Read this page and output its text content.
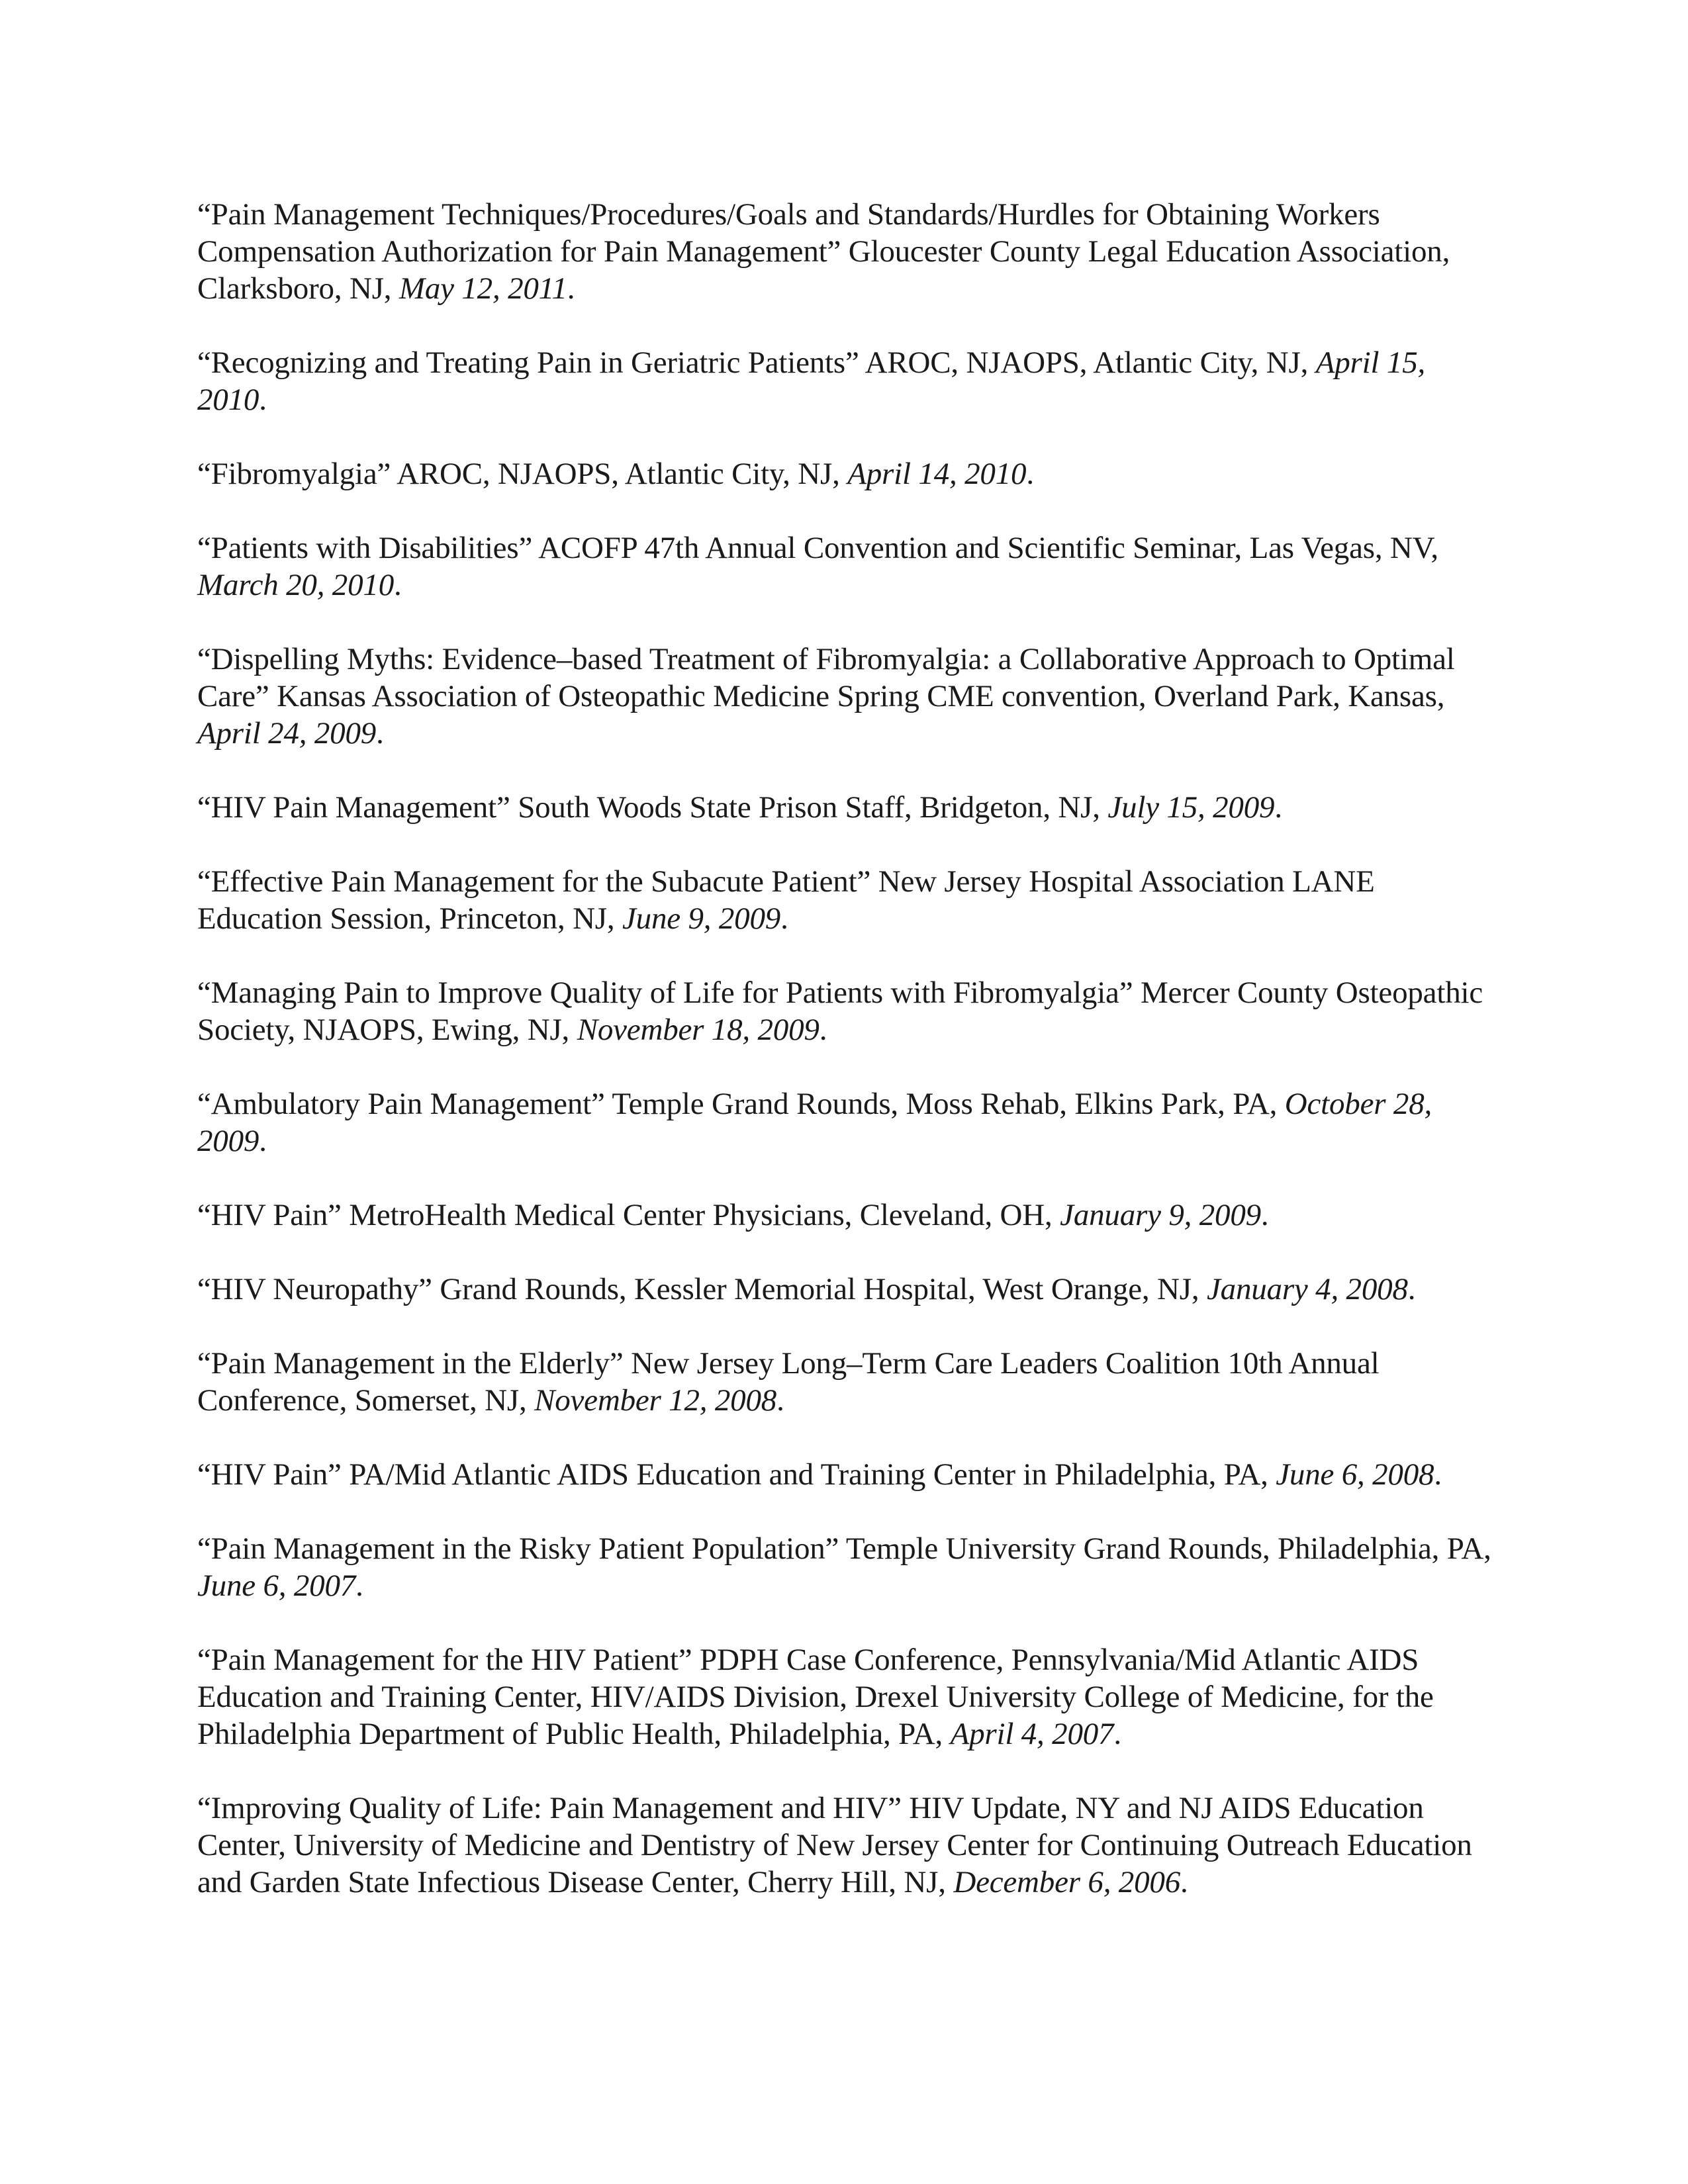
“Pain Management Techniques/Procedures/Goals and Standards/Hurdles for Obtaining Workers Compensation Authorization for Pain Management” Gloucester County Legal Education Association, Clarksboro, NJ, May 12, 2011.

“Recognizing and Treating Pain in Geriatric Patients” AROC, NJAOPS, Atlantic City, NJ, April 15, 2010.

“Fibromyalgia” AROC, NJAOPS, Atlantic City, NJ, April 14, 2010.

“Patients with Disabilities” ACOFP 47th Annual Convention and Scientific Seminar, Las Vegas, NV, March 20, 2010.

“Dispelling Myths: Evidence–based Treatment of Fibromyalgia: a Collaborative Approach to Optimal Care” Kansas Association of Osteopathic Medicine Spring CME convention, Overland Park, Kansas, April 24, 2009.

“HIV Pain Management” South Woods State Prison Staff, Bridgeton, NJ, July 15, 2009.

“Effective Pain Management for the Subacute Patient” New Jersey Hospital Association LANE Education Session, Princeton, NJ, June 9, 2009.

“Managing Pain to Improve Quality of Life for Patients with Fibromyalgia” Mercer County Osteopathic Society, NJAOPS, Ewing, NJ, November 18, 2009.

“Ambulatory Pain Management” Temple Grand Rounds, Moss Rehab, Elkins Park, PA, October 28, 2009.

“HIV Pain” MetroHealth Medical Center Physicians, Cleveland, OH, January 9, 2009.

“HIV Neuropathy” Grand Rounds, Kessler Memorial Hospital, West Orange, NJ, January 4, 2008.

“Pain Management in the Elderly” New Jersey Long–Term Care Leaders Coalition 10th Annual Conference, Somerset, NJ, November 12, 2008.

“HIV Pain” PA/Mid Atlantic AIDS Education and Training Center in Philadelphia, PA, June 6, 2008.

“Pain Management in the Risky Patient Population” Temple University Grand Rounds, Philadelphia, PA, June 6, 2007.

“Pain Management for the HIV Patient” PDPH Case Conference, Pennsylvania/Mid Atlantic AIDS Education and Training Center, HIV/AIDS Division, Drexel University College of Medicine, for the Philadelphia Department of Public Health, Philadelphia, PA, April 4, 2007.

“Improving Quality of Life: Pain Management and HIV” HIV Update, NY and NJ AIDS Education Center, University of Medicine and Dentistry of New Jersey Center for Continuing Outreach Education and Garden State Infectious Disease Center, Cherry Hill, NJ, December 6, 2006.
